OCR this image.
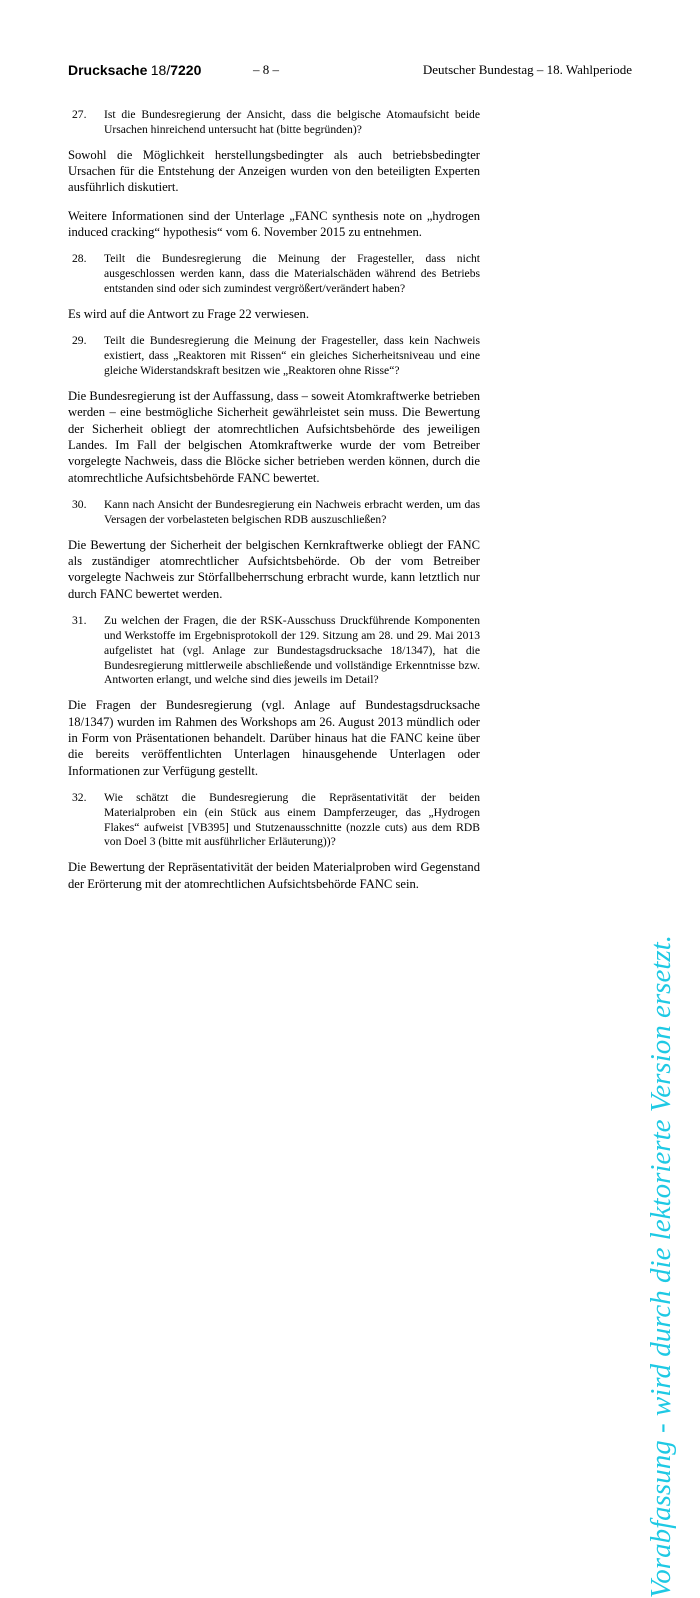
Drucksache 18/7220	– 8 –	Deutscher Bundestag – 18. Wahlperiode
27.	Ist die Bundesregierung der Ansicht, dass die belgische Atomaufsicht beide Ursachen hinreichend untersucht hat (bitte begründen)?

Sowohl die Möglichkeit herstellungsbedingter als auch betriebsbedingter Ursachen für die Entstehung der Anzeigen wurden von den beteiligten Experten ausführlich diskutiert.

Weitere Informationen sind der Unterlage „FANC synthesis note on „hydrogen induced cracking“ hypothesis“ vom 6. November 2015 zu entnehmen.

28.	Teilt die Bundesregierung die Meinung der Fragesteller, dass nicht ausgeschlossen werden kann, dass die Materialschäden während des Betriebs entstanden sind oder sich zumindest vergrößert/verändert haben?

Es wird auf die Antwort zu Frage 22 verwiesen.

29.	Teilt die Bundesregierung die Meinung der Fragesteller, dass kein Nachweis existiert, dass „Reaktoren mit Rissen“ ein gleiches Sicherheitsniveau und eine gleiche Widerstandskraft besitzen wie „Reaktoren ohne Risse“?

Die Bundesregierung ist der Auffassung, dass – soweit Atomkraftwerke betrieben werden – eine bestmögliche Sicherheit gewährleistet sein muss. Die Bewertung der Sicherheit obliegt der atomrechtlichen Aufsichtsbehörde des jeweiligen Landes. Im Fall der belgischen Atomkraftwerke wurde der vom Betreiber vorgelegte Nachweis, dass die Blöcke sicher betrieben werden können, durch die atomrechtliche Aufsichtsbehörde FANC bewertet.

30.	Kann nach Ansicht der Bundesregierung ein Nachweis erbracht werden, um das Versagen der vorbelasteten belgischen RDB auszuschließen?

Die Bewertung der Sicherheit der belgischen Kernkraftwerke obliegt der FANC als zuständiger atomrechtlicher Aufsichtsbehörde. Ob der vom Betreiber vorgelegte Nachweis zur Störfallbeherrschung erbracht wurde, kann letztlich nur durch FANC bewertet werden.

31.	Zu welchen der Fragen, die der RSK-Ausschuss Druckführende Komponenten und Werkstoffe im Ergebnisprotokoll der 129. Sitzung am 28. und 29. Mai 2013 aufgelistet hat (vgl. Anlage zur Bundestagsdrucksache 18/1347), hat die Bundesregierung mittlerweile abschließende und vollständige Erkenntnisse bzw. Antworten erlangt, und welche sind dies jeweils im Detail?

Die Fragen der Bundesregierung (vgl. Anlage auf Bundestagsdrucksache 18/1347) wurden im Rahmen des Workshops am 26. August 2013 mündlich oder in Form von Präsentationen behandelt. Darüber hinaus hat die FANC keine über die bereits veröffentlichten Unterlagen hinausgehende Unterlagen oder Informationen zur Verfügung gestellt.

32.	Wie schätzt die Bundesregierung die Repräsentativität der beiden Materialproben ein (ein Stück aus einem Dampferzeuger, das „Hydrogen Flakes“ aufweist [VB395] und Stutzenausschnitte (nozzle cuts) aus dem RDB von Doel 3 (bitte mit ausführlicher Erläuterung))?

Die Bewertung der Repräsentativität der beiden Materialproben wird Gegenstand der Erörterung mit der atomrechtlichen Aufsichtsbehörde FANC sein.

Vorabfassung - wird durch die lektorierte Version ersetzt.
